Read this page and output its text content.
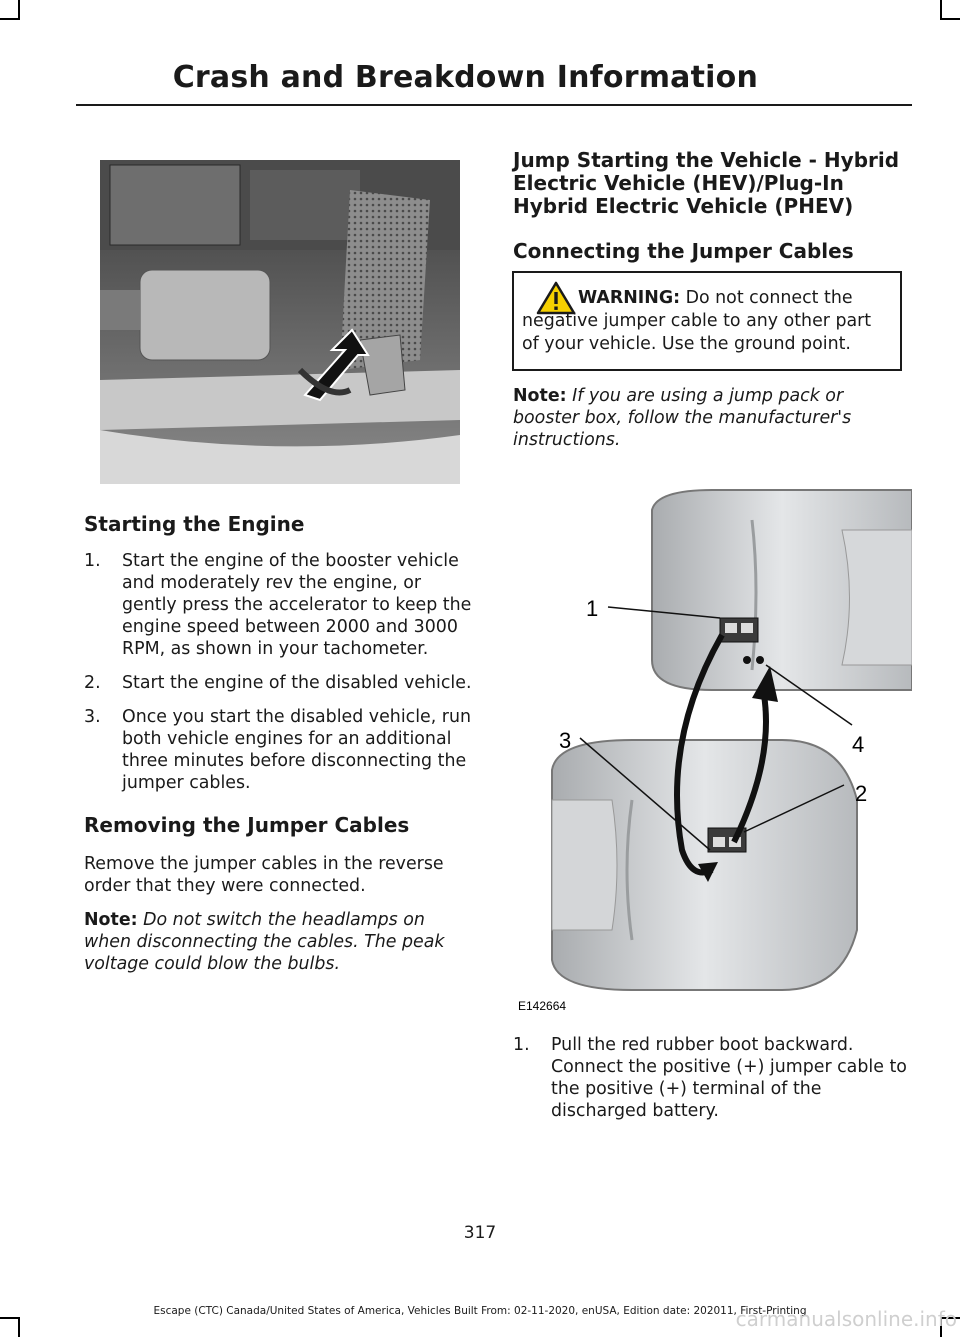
Crash and Breakdown Information
Starting the Engine
1. Start the engine of the booster vehicle and moderately rev the engine, or gently press the accelerator to keep the engine speed between 2000 and 3000 RPM, as shown in your tachometer.
2. Start the engine of the disabled vehicle.
3. Once you start the disabled vehicle, run both vehicle engines for an additional three minutes before disconnecting the jumper cables.
Removing the Jumper Cables

Remove the jumper cables in the reverse order that they were connected.

Note: Do not switch the headlamps on when disconnecting the cables. The peak voltage could blow the bulbs.

Jump Starting the Vehicle - Hybrid Electric Vehicle (HEV)/Plug-In Hybrid Electric Vehicle (PHEV)
Connecting the Jumper Cables
WARNING: Do not connect the negative jumper cable to any other part of your vehicle. Use the ground point.

Note: If you are using a jump pack or booster box, follow the manufacturer's instructions.

1
4
3
2
E142664
1. Pull the red rubber boot backward. Connect the positive (+) jumper cable to the positive (+) terminal of the discharged battery.
317
Escape (CTC) Canada/United States of America, Vehicles Built From: 02-11-2020, enUSA, Edition date: 202011, First-Printing
carmanualsonline.info
